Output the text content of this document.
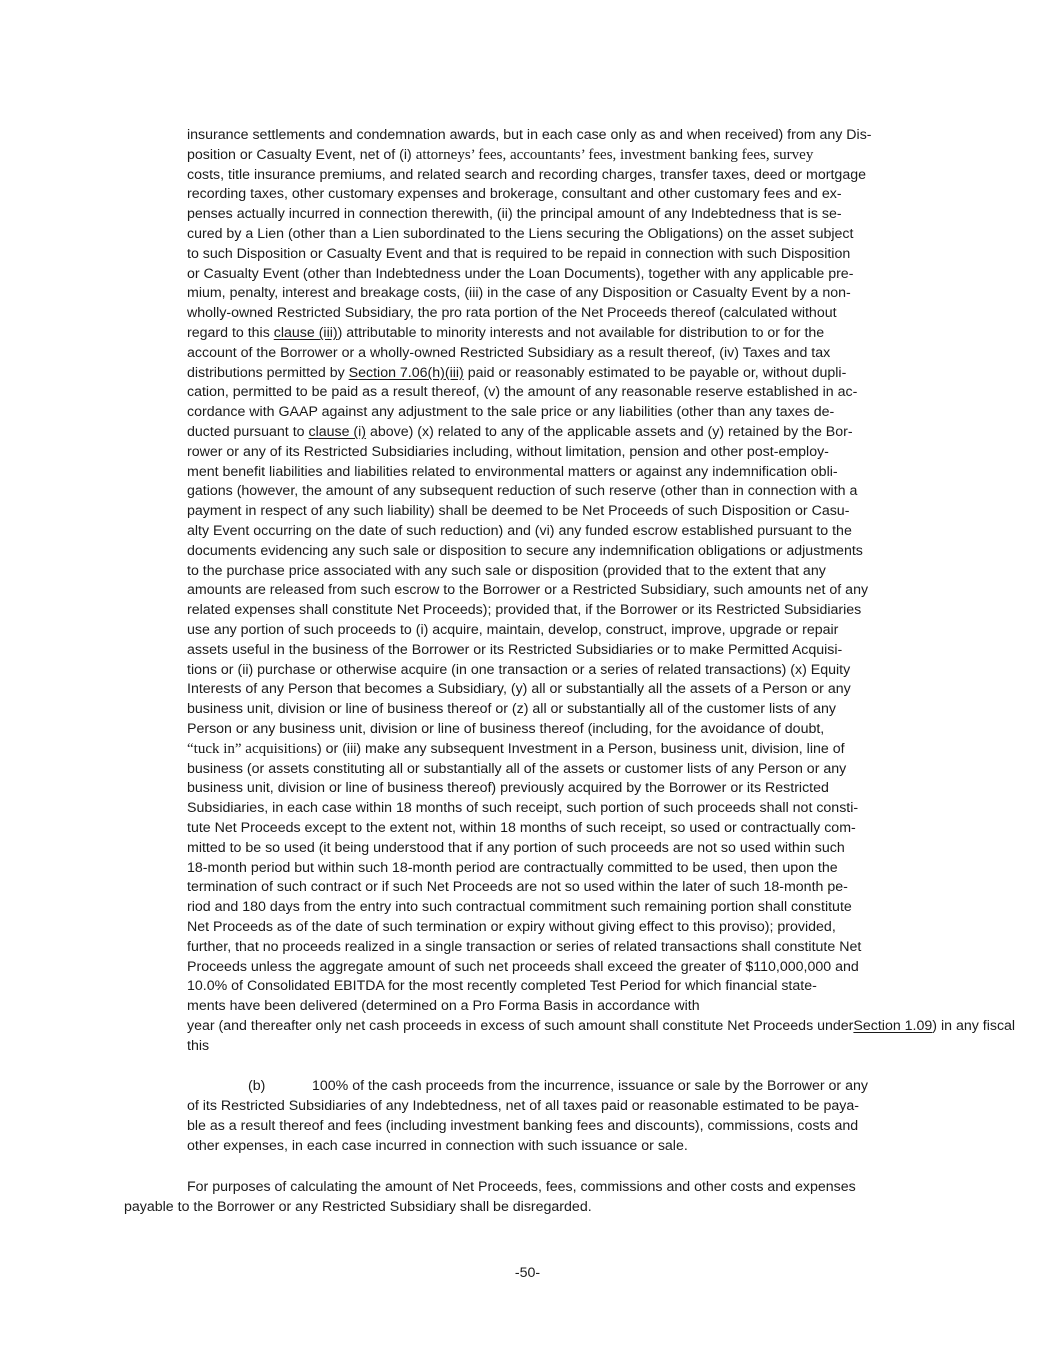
insurance settlements and condemnation awards, but in each case only as and when received) from any Dis-
position or Casualty Event, net of (i) attorneys’ fees, accountants’ fees, investment banking fees, survey
costs, title insurance premiums, and related search and recording charges, transfer taxes, deed or mortgage
recording taxes, other customary expenses and brokerage, consultant and other customary fees and ex-
penses actually incurred in connection therewith, (ii) the principal amount of any Indebtedness that is se-
cured by a Lien (other than a Lien subordinated to the Liens securing the Obligations) on the asset subject
to such Disposition or Casualty Event and that is required to be repaid in connection with such Disposition
or Casualty Event (other than Indebtedness under the Loan Documents), together with any applicable pre-
mium, penalty, interest and breakage costs, (iii) in the case of any Disposition or Casualty Event by a non-
wholly-owned Restricted Subsidiary, the pro rata portion of the Net Proceeds thereof (calculated without
regard to this clause (iii)) attributable to minority interests and not available for distribution to or for the
account of the Borrower or a wholly-owned Restricted Subsidiary as a result thereof, (iv) Taxes and tax
distributions permitted by Section 7.06(h)(iii) paid or reasonably estimated to be payable or, without dupli-
cation, permitted to be paid as a result thereof, (v) the amount of any reasonable reserve established in ac-
cordance with GAAP against any adjustment to the sale price or any liabilities (other than any taxes de-
ducted pursuant to clause (i) above) (x) related to any of the applicable assets and (y) retained by the Bor-
rower or any of its Restricted Subsidiaries including, without limitation, pension and other post-employ-
ment benefit liabilities and liabilities related to environmental matters or against any indemnification obli-
gations (however, the amount of any subsequent reduction of such reserve (other than in connection with a
payment in respect of any such liability) shall be deemed to be Net Proceeds of such Disposition or Casu-
alty Event occurring on the date of such reduction) and (vi) any funded escrow established pursuant to the
documents evidencing any such sale or disposition to secure any indemnification obligations or adjustments
to the purchase price associated with any such sale or disposition (provided that to the extent that any
amounts are released from such escrow to the Borrower or a Restricted Subsidiary, such amounts net of any
related expenses shall constitute Net Proceeds); provided that, if the Borrower or its Restricted Subsidiaries
use any portion of such proceeds to (i) acquire, maintain, develop, construct, improve, upgrade or repair
assets useful in the business of the Borrower or its Restricted Subsidiaries or to make Permitted Acquisi-
tions or (ii) purchase or otherwise acquire (in one transaction or a series of related transactions) (x) Equity
Interests of any Person that becomes a Subsidiary, (y) all or substantially all the assets of a Person or any
business unit, division or line of business thereof or (z) all or substantially all of the customer lists of any
Person or any business unit, division or line of business thereof (including, for the avoidance of doubt,
“tuck in” acquisitions) or (iii) make any subsequent Investment in a Person, business unit, division, line of
business (or assets constituting all or substantially all of the assets or customer lists of any Person or any
business unit, division or line of business thereof) previously acquired by the Borrower or its Restricted
Subsidiaries, in each case within 18 months of such receipt, such portion of such proceeds shall not consti-
tute Net Proceeds except to the extent not, within 18 months of such receipt, so used or contractually com-
mitted to be so used (it being understood that if any portion of such proceeds are not so used within such
18-month period but within such 18-month period are contractually committed to be used, then upon the
termination of such contract or if such Net Proceeds are not so used within the later of such 18-month pe-
riod and 180 days from the entry into such contractual commitment such remaining portion shall constitute
Net Proceeds as of the date of such termination or expiry without giving effect to this proviso); provided,
further, that no proceeds realized in a single transaction or series of related transactions shall constitute Net
Proceeds unless the aggregate amount of such net proceeds shall exceed the greater of $110,000,000 and
10.0% of Consolidated EBITDA for the most recently completed Test Period for which financial state-
ments have been delivered (determined on a Pro Forma Basis in accordance with
year (and thereafter only net cash proceeds in excess of such amount shall constitute Net Proceeds underSection 1.09) in any fiscal
this
(b)	100% of the cash proceeds from the incurrence, issuance or sale by the Borrower or any
of its Restricted Subsidiaries of any Indebtedness, net of all taxes paid or reasonable estimated to be paya-
ble as a result thereof and fees (including investment banking fees and discounts), commissions, costs and
other expenses, in each case incurred in connection with such issuance or sale.
For purposes of calculating the amount of Net Proceeds, fees, commissions and other costs and expenses
payable to the Borrower or any Restricted Subsidiary shall be disregarded.
-50-
